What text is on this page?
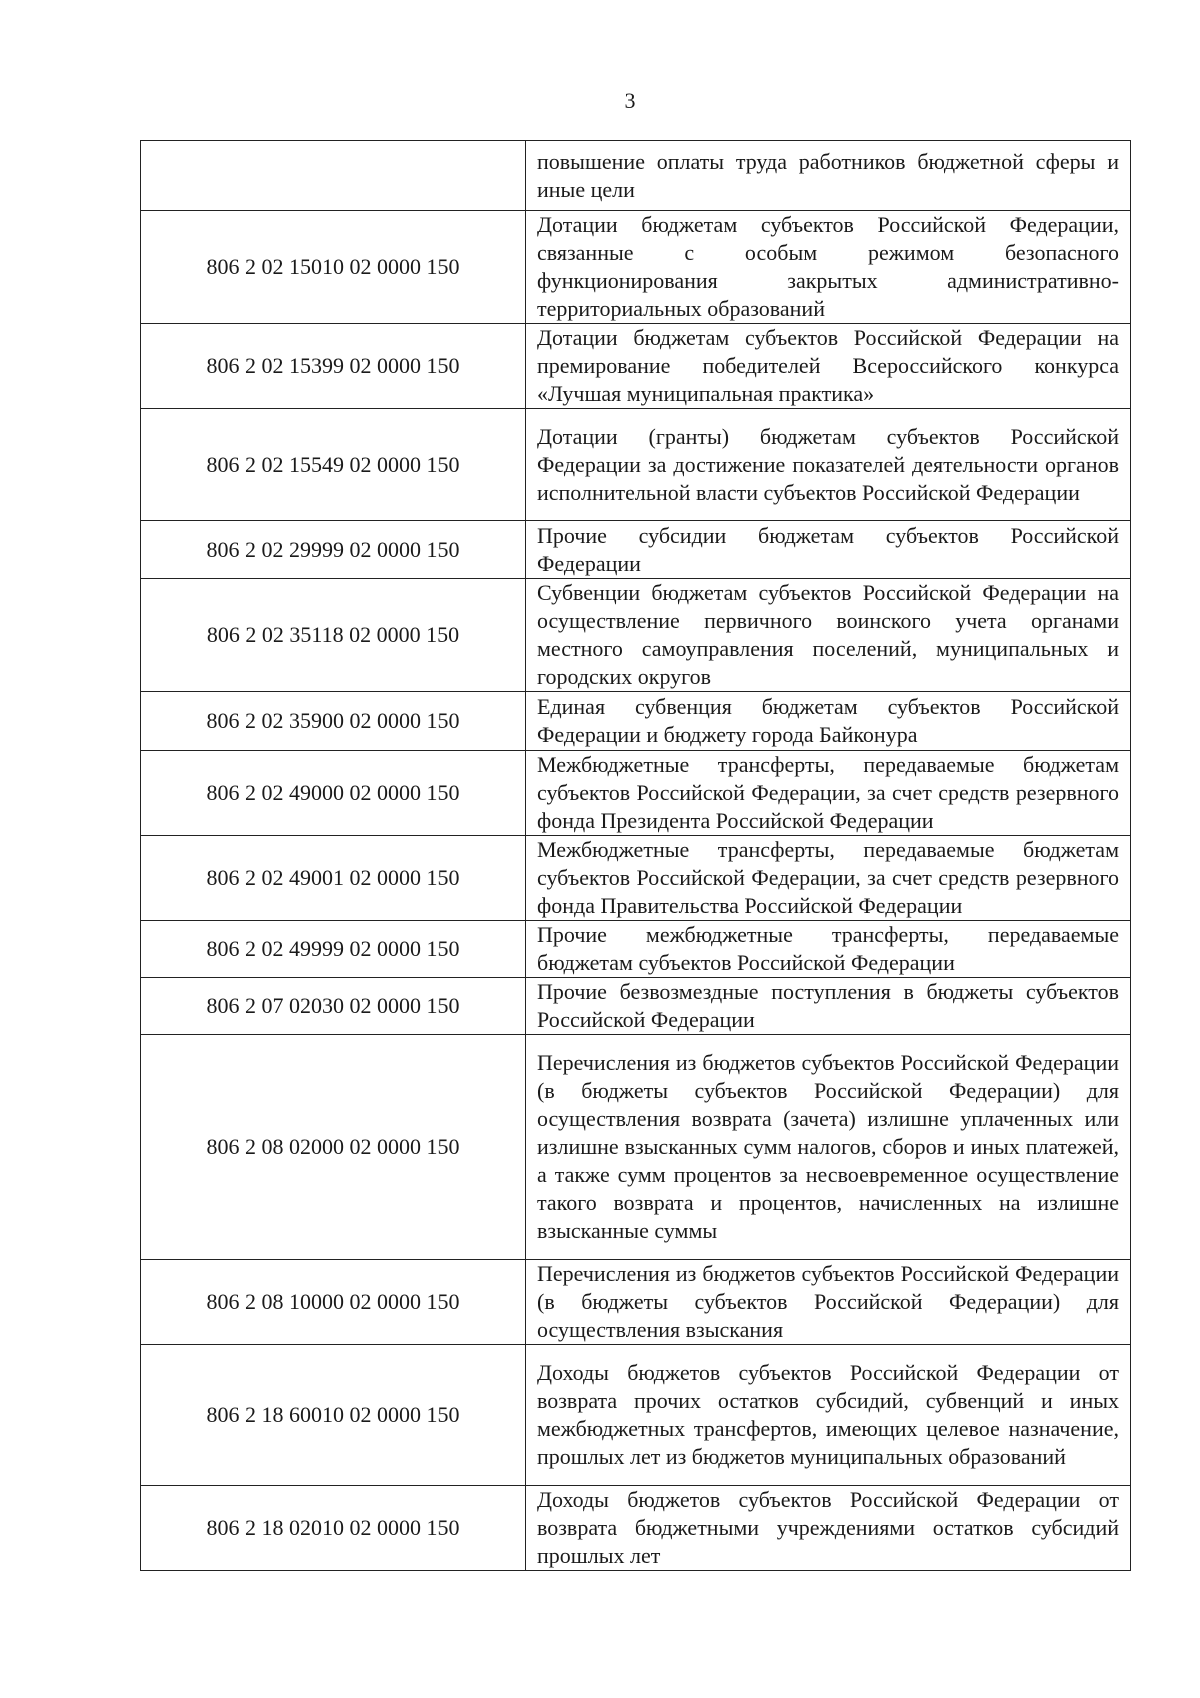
3
	повышение оплаты труда работников бюджетной сферы и иные цели
806 2 02 15010 02 0000 150	Дотации бюджетам субъектов Российской Федерации, связанные с особым режимом безопасного функционирования закрытых административно-территориальных образований
806 2 02 15399 02 0000 150	Дотации бюджетам субъектов Российской Федерации на премирование победителей Всероссийского конкурса «Лучшая муниципальная практика»
806 2 02 15549 02 0000 150	Дотации (гранты) бюджетам субъектов Российской Федерации за достижение показателей деятельности органов исполнительной власти субъектов Российской Федерации
806 2 02 29999 02 0000 150	Прочие субсидии бюджетам субъектов Российской Федерации
806 2 02 35118 02 0000 150	Субвенции бюджетам субъектов Российской Федерации на осуществление первичного воинского учета органами местного самоуправления поселений, муниципальных и городских округов
806 2 02 35900 02 0000 150	Единая субвенция бюджетам субъектов Российской Федерации и бюджету города Байконура
806 2 02 49000 02 0000 150	Межбюджетные трансферты, передаваемые бюджетам субъектов Российской Федерации, за счет средств резервного фонда Президента Российской Федерации
806 2 02 49001 02 0000 150	Межбюджетные трансферты, передаваемые бюджетам субъектов Российской Федерации, за счет средств резервного фонда Правительства Российской Федерации
806 2 02 49999 02 0000 150	Прочие межбюджетные трансферты, передаваемые бюджетам субъектов Российской Федерации
806 2 07 02030 02 0000 150	Прочие безвозмездные поступления в бюджеты субъектов Российской Федерации
806 2 08 02000 02 0000 150	Перечисления из бюджетов субъектов Российской Федерации (в бюджеты субъектов Российской Федерации) для осуществления возврата (зачета) излишне уплаченных или излишне взысканных сумм налогов, сборов и иных платежей, а также сумм процентов за несвоевременное осуществление такого возврата и процентов, начисленных на излишне взысканные суммы
806 2 08 10000 02 0000 150	Перечисления из бюджетов субъектов Российской Федерации (в бюджеты субъектов Российской Федерации) для осуществления взыскания
806 2 18 60010 02 0000 150	Доходы бюджетов субъектов Российской Федерации от возврата прочих остатков субсидий, субвенций и иных межбюджетных трансфертов, имеющих целевое назначение, прошлых лет из бюджетов муниципальных образований
806 2 18 02010 02 0000 150	Доходы бюджетов субъектов Российской Федерации от возврата бюджетными учреждениями остатков субсидий прошлых лет
